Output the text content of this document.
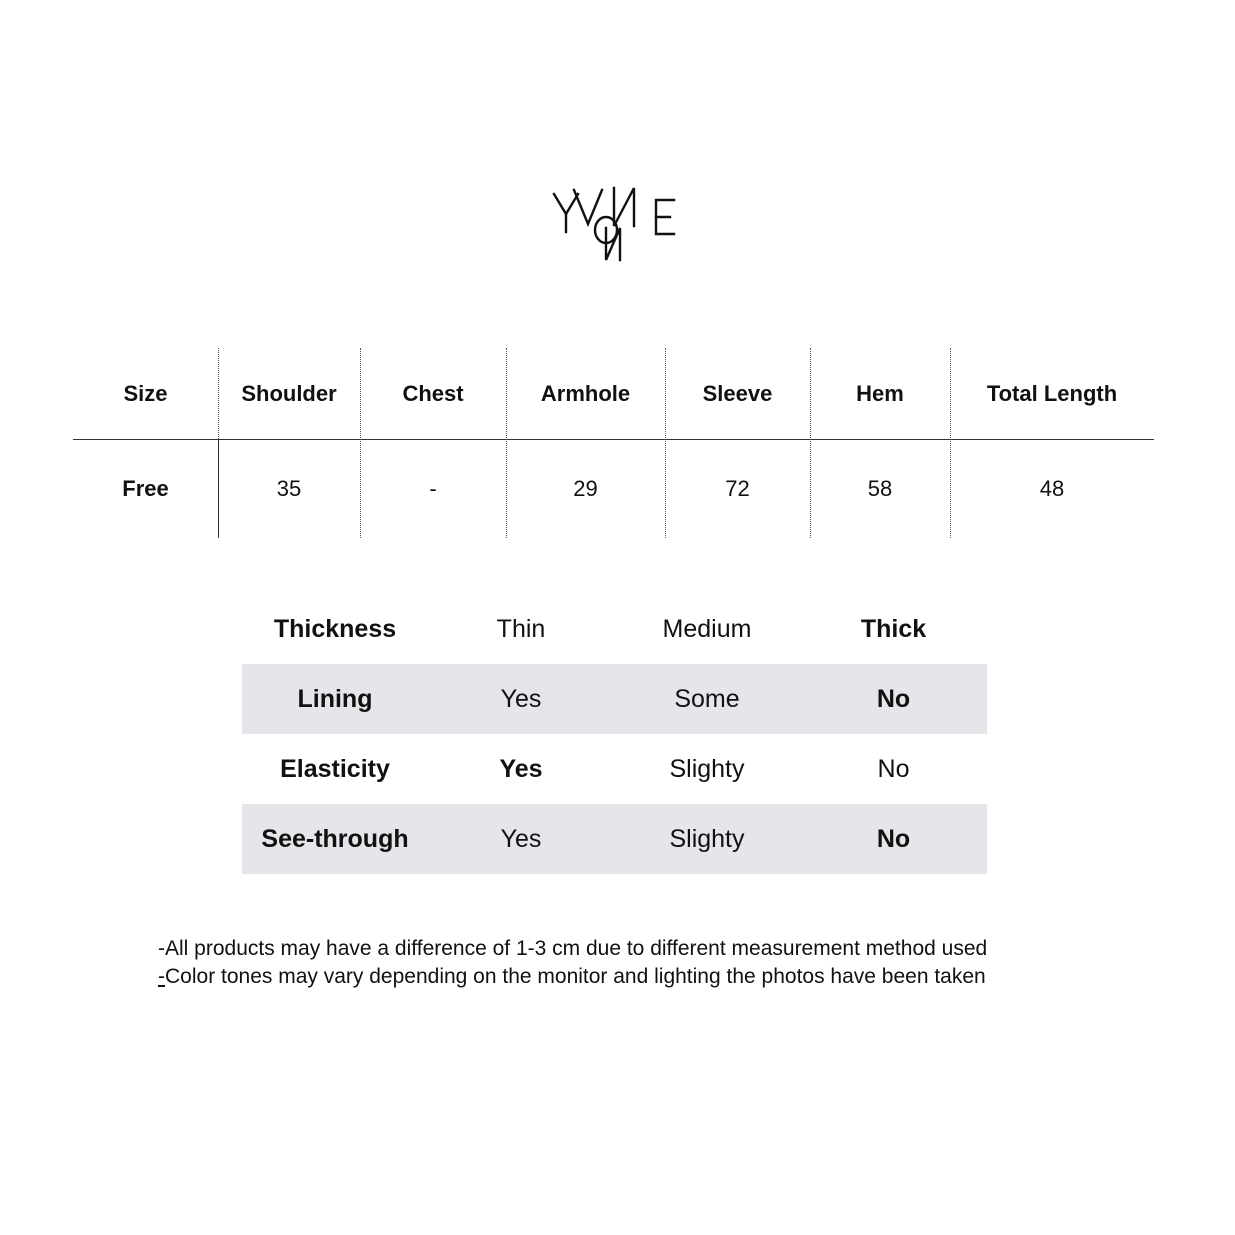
Size	Shoulder	Chest	Armhole	Sleeve	Hem	Total Length
Free	35	-	29	72	58	48
Thickness	Thin	Medium	Thick
Lining	Yes	Some	No
Elasticity	Yes	Slighty	No
See-through	Yes	Slighty	No
-All products may have a difference of 1-3 cm due to different measurement method used
-Color tones may vary depending on the monitor and lighting the photos have been taken
